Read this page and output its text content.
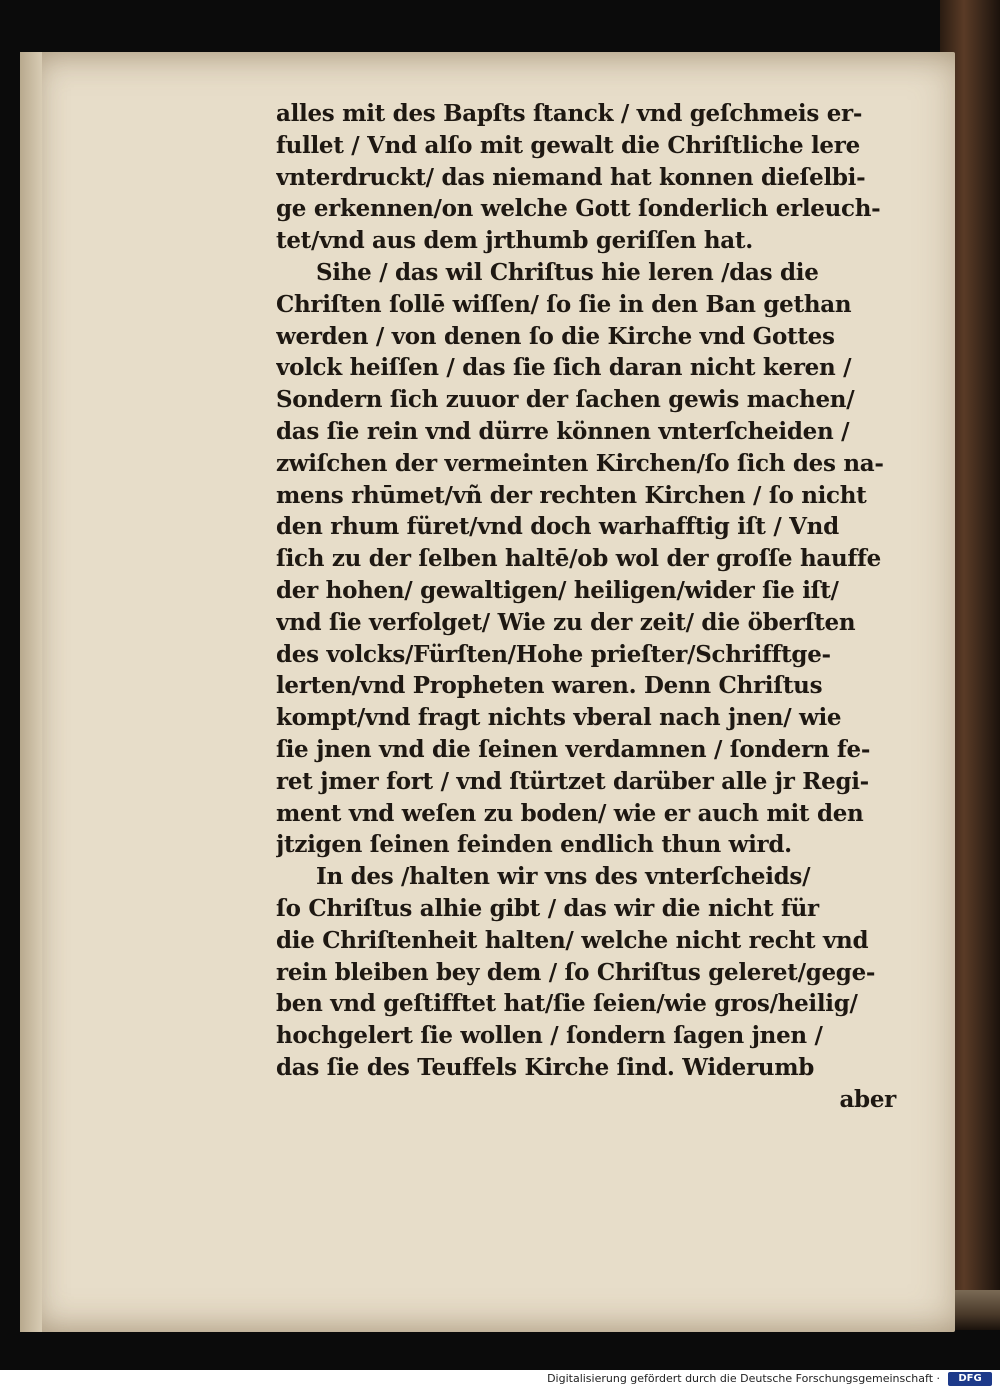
alles mit des Bapſts ſtanck / vnd geſchmeis er-
fullet / Vnd alſo mit gewalt die Chriſtliche lere
vnterdruckt/ das niemand hat konnen dieſelbi-
ge erkennen/on welche Gott ſonderlich erleuch-
tet/vnd aus dem jrthumb geriſſen hat.
Sihe / das wil Chriſtus hie leren /das die
Chriſten ſollē wiſſen/ ſo ſie in den Ban gethan
werden / von denen ſo die Kirche vnd Gottes
volck heiſſen / das ſie ſich daran nicht keren /
Sondern ſich zuuor der ſachen gewis machen/
das ſie rein vnd dürre können vnterſcheiden /
zwiſchen der vermeinten Kirchen/ſo ſich des na-
mens rhūmet/vñ der rechten Kirchen / ſo nicht
den rhum füret/vnd doch warhafftig iſt / Vnd
ſich zu der ſelben haltē/ob wol der groſſe hauffe
der hohen/ gewaltigen/ heiligen/wider ſie iſt/
vnd ſie verfolget/ Wie zu der zeit/ die öberſten
des volcks/Fürſten/Hohe prieſter/Schrifftge-
lerten/vnd Propheten waren. Denn Chriſtus
kompt/vnd fragt nichts vberal nach jnen/ wie
ſie jnen vnd die ſeinen verdamnen / ſondern fe-
ret jmer fort / vnd ſtürtzet darüber alle jr Regi-
ment vnd weſen zu boden/ wie er auch mit den
jtzigen ſeinen feinden endlich thun wird.
In des /halten wir vns des vnterſcheids/
ſo Chriſtus alhie gibt / das wir die nicht für
die Chriſtenheit halten/ welche nicht recht vnd
rein bleiben bey dem / ſo Chriſtus geleret/gege-
ben vnd geſtifftet hat/ſie ſeien/wie gros/heilig/
hochgelert ſie wollen / ſondern ſagen jnen /
das ſie des Teuffels Kirche ſind. Widerumb
aber
Digitalisierung gefördert durch die Deutsche Forschungsgemeinschaft ·	DFG
